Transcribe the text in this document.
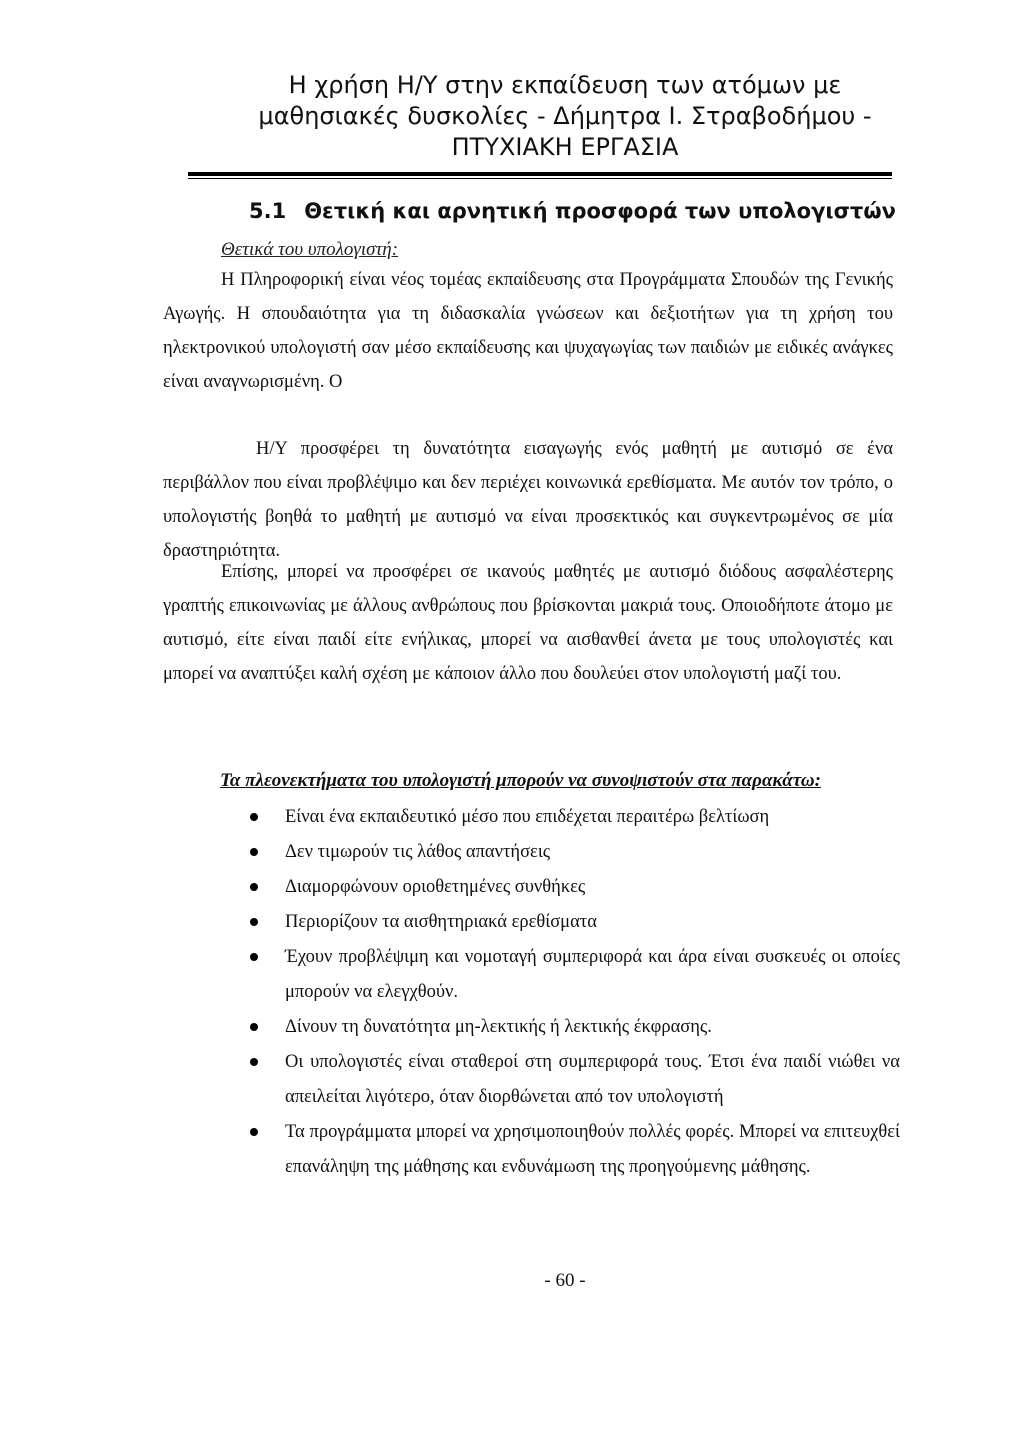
Η χρήση Η/Υ στην εκπαίδευση των ατόμων με
μαθησιακές δυσκολίες - Δήμητρα Ι. Στραβοδήμου -
ΠΤΥΧΙΑΚΗ ΕΡΓΑΣΙΑ
5.1 Θετική και αρνητική προσφορά των υπολογιστών
Θετικά του υπολογιστή:
Η Πληροφορική είναι νέος τομέας εκπαίδευσης στα Προγράμματα Σπουδών της Γενικής Αγωγής. Η σπουδαιότητα για τη διδασκαλία γνώσεων και δεξιοτήτων για τη χρήση του ηλεκτρονικού υπολογιστή σαν μέσο εκπαίδευσης και ψυχαγωγίας των παιδιών με ειδικές ανάγκες είναι αναγνωρισμένη. Ο
Η/Υ προσφέρει τη δυνατότητα εισαγωγής ενός μαθητή με αυτισμό σε ένα περιβάλλον που είναι προβλέψιμο και δεν περιέχει κοινωνικά ερεθίσματα. Με αυτόν τον τρόπο, ο υπολογιστής βοηθά το μαθητή με αυτισμό να είναι προσεκτικός και συγκεντρωμένος σε μία δραστηριότητα.
Επίσης, μπορεί να προσφέρει σε ικανούς μαθητές με αυτισμό διόδους ασφαλέστερης γραπτής επικοινωνίας με άλλους ανθρώπους που βρίσκονται μακριά τους. Οποιοδήποτε άτομο με αυτισμό, είτε είναι παιδί είτε ενήλικας, μπορεί να αισθανθεί άνετα με τους υπολογιστές και μπορεί να αναπτύξει καλή σχέση με κάποιον άλλο που δουλεύει στον υπολογιστή μαζί του.
Τα πλεονεκτήματα του υπολογιστή μπορούν να συνοψιστούν στα παρακάτω:
Είναι ένα εκπαιδευτικό μέσο που επιδέχεται περαιτέρω βελτίωση
Δεν τιμωρούν τις λάθος απαντήσεις
Διαμορφώνουν οριοθετημένες συνθήκες
Περιορίζουν τα αισθητηριακά ερεθίσματα
Έχουν προβλέψιμη και νομοταγή συμπεριφορά και άρα είναι συσκευές οι οποίες μπορούν να ελεγχθούν.
Δίνουν τη δυνατότητα μη-λεκτικής ή λεκτικής έκφρασης.
Οι υπολογιστές είναι σταθεροί στη συμπεριφορά τους. Έτσι ένα παιδί νιώθει να απειλείται λιγότερο, όταν διορθώνεται από τον υπολογιστή
Τα προγράμματα μπορεί να χρησιμοποιηθούν πολλές φορές. Μπορεί να επιτευχθεί επανάληψη της μάθησης και ενδυνάμωση της προηγούμενης μάθησης.
- 60 -
